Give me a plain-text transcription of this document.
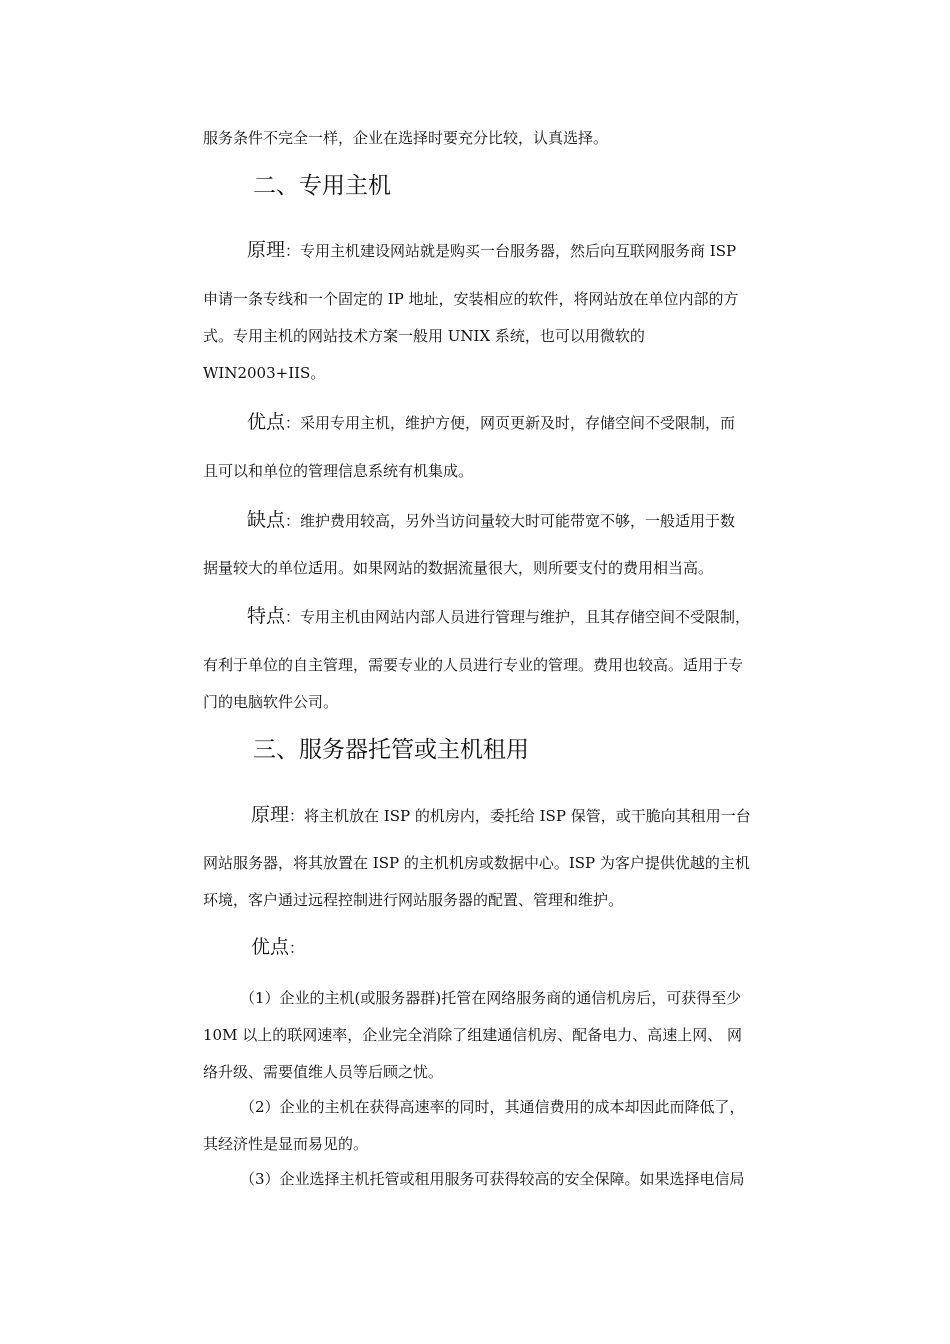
服务条件不完全一样，企业在选择时要充分比较，认真选择。
二、专用主机
原理：专用主机建设网站就是购买一台服务器，然后向互联网服务商 ISP
申请一条专线和一个固定的 IP 地址，安装相应的软件，将网站放在单位内部的方
式。专用主机的网站技术方案一般用 UNIX 系统，也可以用微软的
WIN2003+IIS。
优点：采用专用主机，维护方便，网页更新及时，存储空间不受限制，而
且可以和单位的管理信息系统有机集成。
缺点：维护费用较高，另外当访问量较大时可能带宽不够，一般适用于数
据量较大的单位适用。如果网站的数据流量很大，则所要支付的费用相当高。
特点：专用主机由网站内部人员进行管理与维护，且其存储空间不受限制，
有利于单位的自主管理，需要专业的人员进行专业的管理。费用也较高。适用于专
门的电脑软件公司。
三、服务器托管或主机租用
原理：将主机放在 ISP 的机房内，委托给 ISP 保管，或干脆向其租用一台
网站服务器，将其放置在 ISP 的主机机房或数据中心。ISP 为客户提供优越的主机
环境，客户通过远程控制进行网站服务器的配置、管理和维护。
优点：
（1）企业的主机(或服务器群)托管在网络服务商的通信机房后，可获得至少
10M 以上的联网速率，企业完全消除了组建通信机房、配备电力、高速上网、 网
络升级、需要值维人员等后顾之忧。
（2）企业的主机在获得高速率的同时，其通信费用的成本却因此而降低了，
其经济性是显而易见的。
（3）企业选择主机托管或租用服务可获得较高的安全保障。如果选择电信局
